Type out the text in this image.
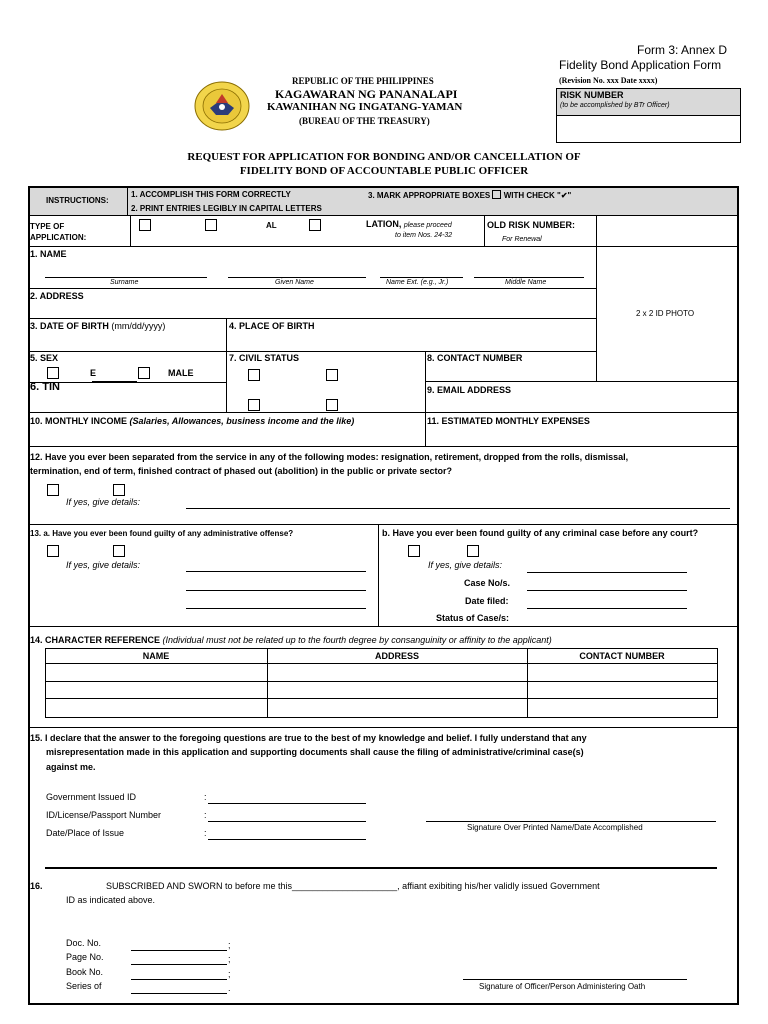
Form 3: Annex D
Fidelity Bond Application Form
(Revision No. xxx Date xxxx)
RISK NUMBER
(to be accomplished by BTr Officer)
REPUBLIC OF THE PHILIPPINES
KAGAWARAN NG PANANALAPI
KAWANIHAN NG INGATANG-YAMAN
(BUREAU OF THE TREASURY)
REQUEST FOR APPLICATION FOR BONDING AND/OR CANCELLATION OF
FIDELITY BOND OF ACCOUNTABLE PUBLIC OFFICER
INSTRUCTIONS:
1. ACCOMPLISH THIS FORM CORRECTLY
2. PRINT ENTRIES LEGIBLY IN CAPITAL LETTERS
3. MARK APPROPRIATE BOXES WITH CHECK "✔"
TYPE OF
APPLICATION:
AL	LATION, please proceed
to item Nos. 24-32
OLD RISK NUMBER:
For Renewal
2 x 2 ID PHOTO
1. NAME
Surname	Given Name	Name Ext. (e.g., Jr.)	Middle Name
2. ADDRESS
3. DATE OF BIRTH (mm/dd/yyyy)	4. PLACE OF BIRTH
5. SEX
E	MALE
7. CIVIL STATUS	8. CONTACT NUMBER
6. TIN	9. EMAIL ADDRESS
10. MONTHLY INCOME (Salaries, Allowances, business income and the like)	11. ESTIMATED MONTHLY EXPENSES
12. Have you ever been separated from the service in any of the following modes: resignation, retirement, dropped from the rolls, dismissal,
termination, end of term, finished contract of phased out (abolition) in the public or private sector?
If yes, give details:
13. a. Have you ever been found guilty of any administrative offense?	b. Have you ever been found guilty of any criminal case before any court?
If yes, give details:	If yes, give details:
Case No/s.
Date filed:
Status of Case/s:
14. CHARACTER REFERENCE (Individual must not be related up to the fourth degree by consanguinity or affinity to the applicant)
NAME	ADDRESS	CONTACT NUMBER
15. I declare that the answer to the foregoing questions are true to the best of my knowledge and belief. I fully understand that any
misrepresentation made in this application and supporting documents shall cause the filing of administrative/criminal case(s)
against me.
Government Issued ID
ID/License/Passport Number
Date/Place of Issue
:
:
:
Signature Over Printed Name/Date Accomplished
16.	SUBSCRIBED AND SWORN to before me this_____________________, affiant exibiting his/her validly issued Government
ID as indicated above.
Doc. No.
Page No.
Book No.
Series of
;
;
;
.	Signature of Officer/Person Administering Oath
